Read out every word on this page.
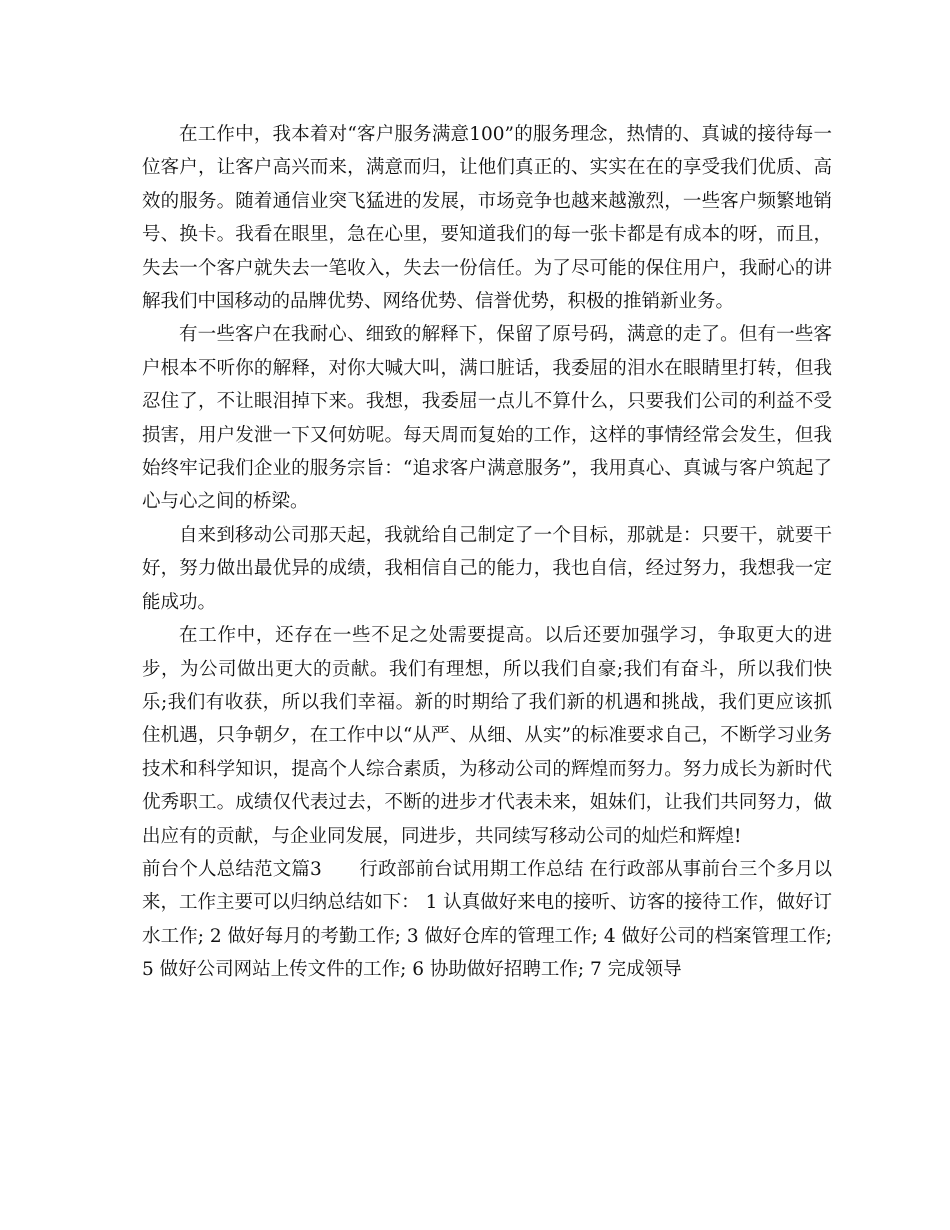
在工作中，我本着对“客户服务满意100”的服务理念，热情的、真诚的接待每一位客户，让客户高兴而来，满意而归，让他们真正的、实实在在的享受我们优质、高效的服务。随着通信业突飞猛进的发展，市场竞争也越来越激烈，一些客户频繁地销号、换卡。我看在眼里，急在心里，要知道我们的每一张卡都是有成本的呀，而且，失去一个客户就失去一笔收入，失去一份信任。为了尽可能的保住用户，我耐心的讲解我们中国移动的品牌优势、网络优势、信誉优势，积极的推销新业务。

有一些客户在我耐心、细致的解释下，保留了原号码，满意的走了。但有一些客户根本不听你的解释，对你大喊大叫，满口脏话，我委屈的泪水在眼睛里打转，但我忍住了，不让眼泪掉下来。我想，我委屈一点儿不算什么，只要我们公司的利益不受损害，用户发泄一下又何妨呢。每天周而复始的工作，这样的事情经常会发生，但我始终牢记我们企业的服务宗旨：“追求客户满意服务”，我用真心、真诚与客户筑起了心与心之间的桥梁。

自来到移动公司那天起，我就给自己制定了一个目标，那就是：只要干，就要干好，努力做出最优异的成绩，我相信自己的能力，我也自信，经过努力，我想我一定能成功。

在工作中，还存在一些不足之处需要提高。以后还要加强学习，争取更大的进步，为公司做出更大的贡献。我们有理想，所以我们自豪;我们有奋斗，所以我们快乐;我们有收获，所以我们幸福。新的时期给了我们新的机遇和挑战，我们更应该抓住机遇，只争朝夕，在工作中以“从严、从细、从实”的标准要求自己，不断学习业务技术和科学知识，提高个人综合素质，为移动公司的辉煌而努力。努力成长为新时代优秀职工。成绩仅代表过去，不断的进步才代表未来，姐妹们，让我们共同努力，做出应有的贡献，与企业同发展，同进步，共同续写移动公司的灿烂和辉煌!

前台个人总结范文篇3　　行政部前台试用期工作总结 在行政部从事前台三个多月以来，工作主要可以归纳总结如下： 1 认真做好来电的接听、访客的接待工作，做好订水工作; 2 做好每月的考勤工作; 3 做好仓库的管理工作; 4 做好公司的档案管理工作; 5 做好公司网站上传文件的工作; 6 协助做好招聘工作; 7 完成领导
